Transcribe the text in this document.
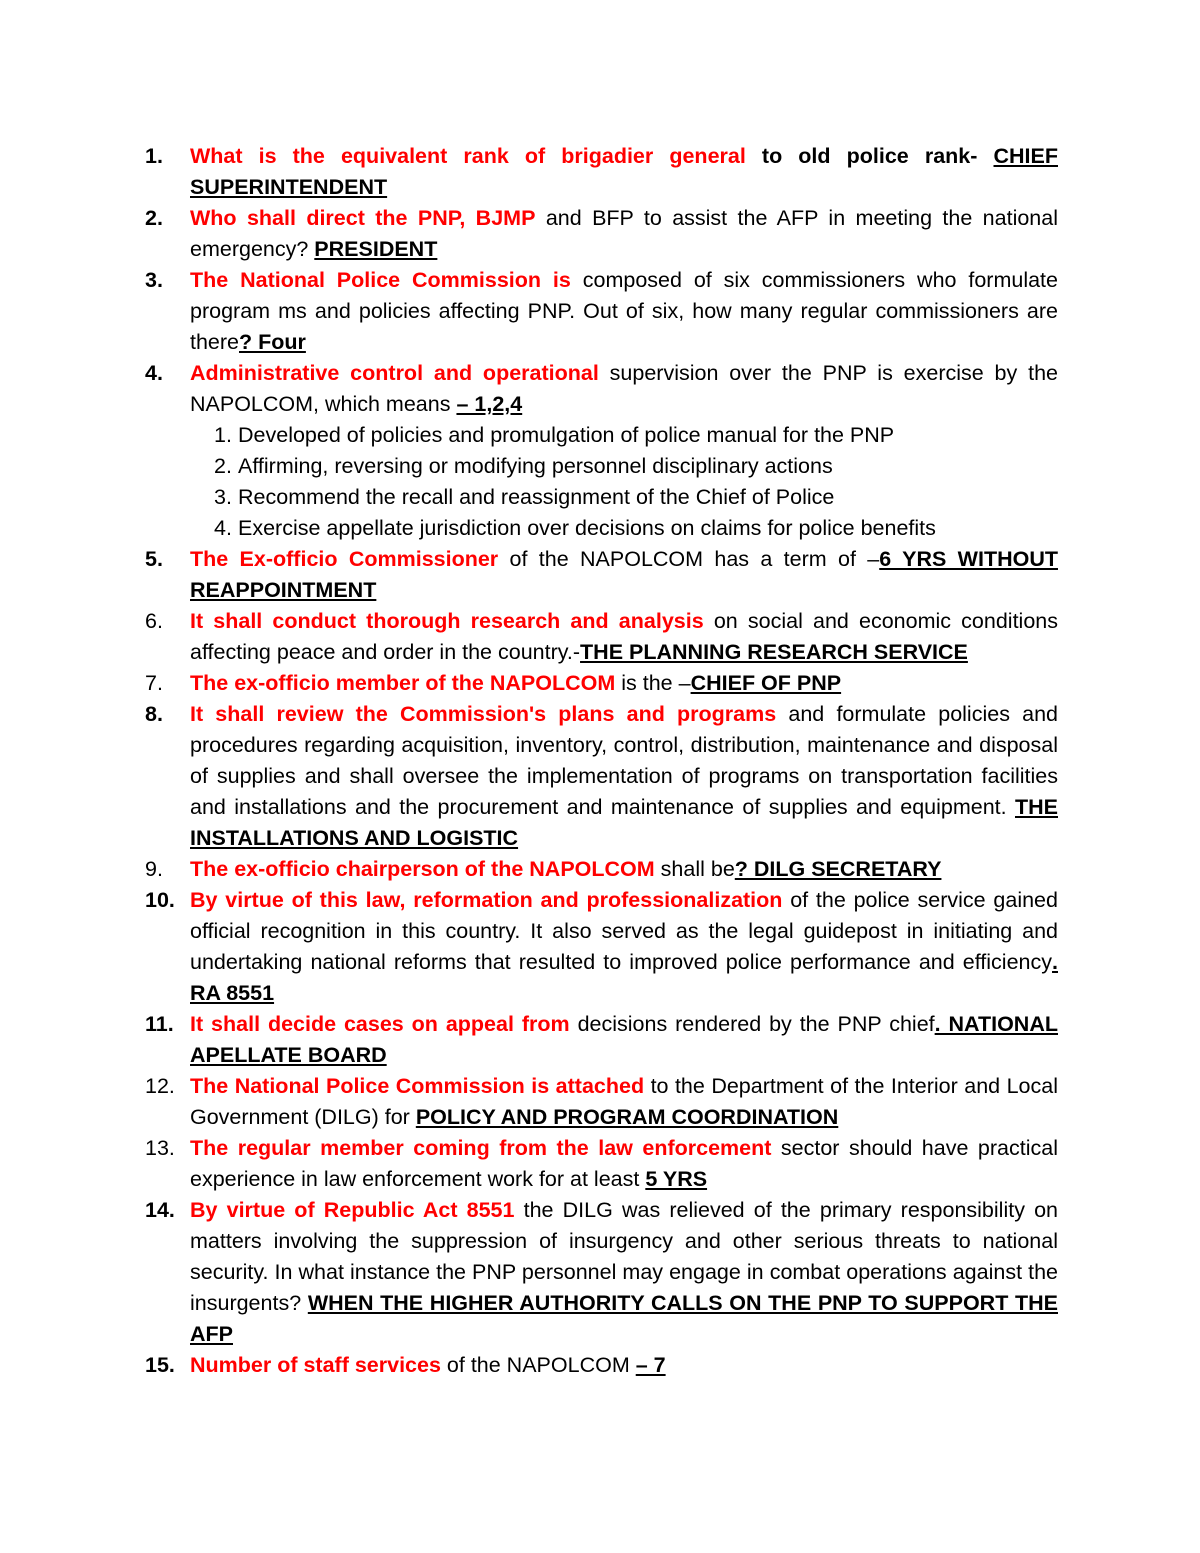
1. What is the equivalent rank of brigadier general to old police rank- CHIEF SUPERINTENDENT
2. Who shall direct the PNP, BJMP and BFP to assist the AFP in meeting the national emergency? PRESIDENT
3. The National Police Commission is composed of six commissioners who formulate program ms and policies affecting PNP. Out of six, how many regular commissioners are there? Four
4. Administrative control and operational supervision over the PNP is exercise by the NAPOLCOM, which means – 1,2,4
1. Developed of policies and promulgation of police manual for the PNP
2. Affirming, reversing or modifying personnel disciplinary actions
3. Recommend the recall and reassignment of the Chief of Police
4. Exercise appellate jurisdiction over decisions on claims for police benefits
5. The Ex-officio Commissioner of the NAPOLCOM has a term of –6 YRS WITHOUT REAPPOINTMENT
6. It shall conduct thorough research and analysis on social and economic conditions affecting peace and order in the country.-THE PLANNING RESEARCH SERVICE
7. The ex-officio member of the NAPOLCOM is the –CHIEF OF PNP
8. It shall review the Commission's plans and programs and formulate policies and procedures regarding acquisition, inventory, control, distribution, maintenance and disposal of supplies and shall oversee the implementation of programs on transportation facilities and installations and the procurement and maintenance of supplies and equipment. THE INSTALLATIONS AND LOGISTIC
9. The ex-officio chairperson of the NAPOLCOM shall be? DILG SECRETARY
10. By virtue of this law, reformation and professionalization of the police service gained official recognition in this country. It also served as the legal guidepost in initiating and undertaking national reforms that resulted to improved police performance and efficiency. RA 8551
11. It shall decide cases on appeal from decisions rendered by the PNP chief. NATIONAL APELLATE BOARD
12. The National Police Commission is attached to the Department of the Interior and Local Government (DILG) for POLICY AND PROGRAM COORDINATION
13. The regular member coming from the law enforcement sector should have practical experience in law enforcement work for at least 5 YRS
14. By virtue of Republic Act 8551 the DILG was relieved of the primary responsibility on matters involving the suppression of insurgency and other serious threats to national security. In what instance the PNP personnel may engage in combat operations against the insurgents? WHEN THE HIGHER AUTHORITY CALLS ON THE PNP TO SUPPORT THE AFP
15. Number of staff services of the NAPOLCOM – 7
